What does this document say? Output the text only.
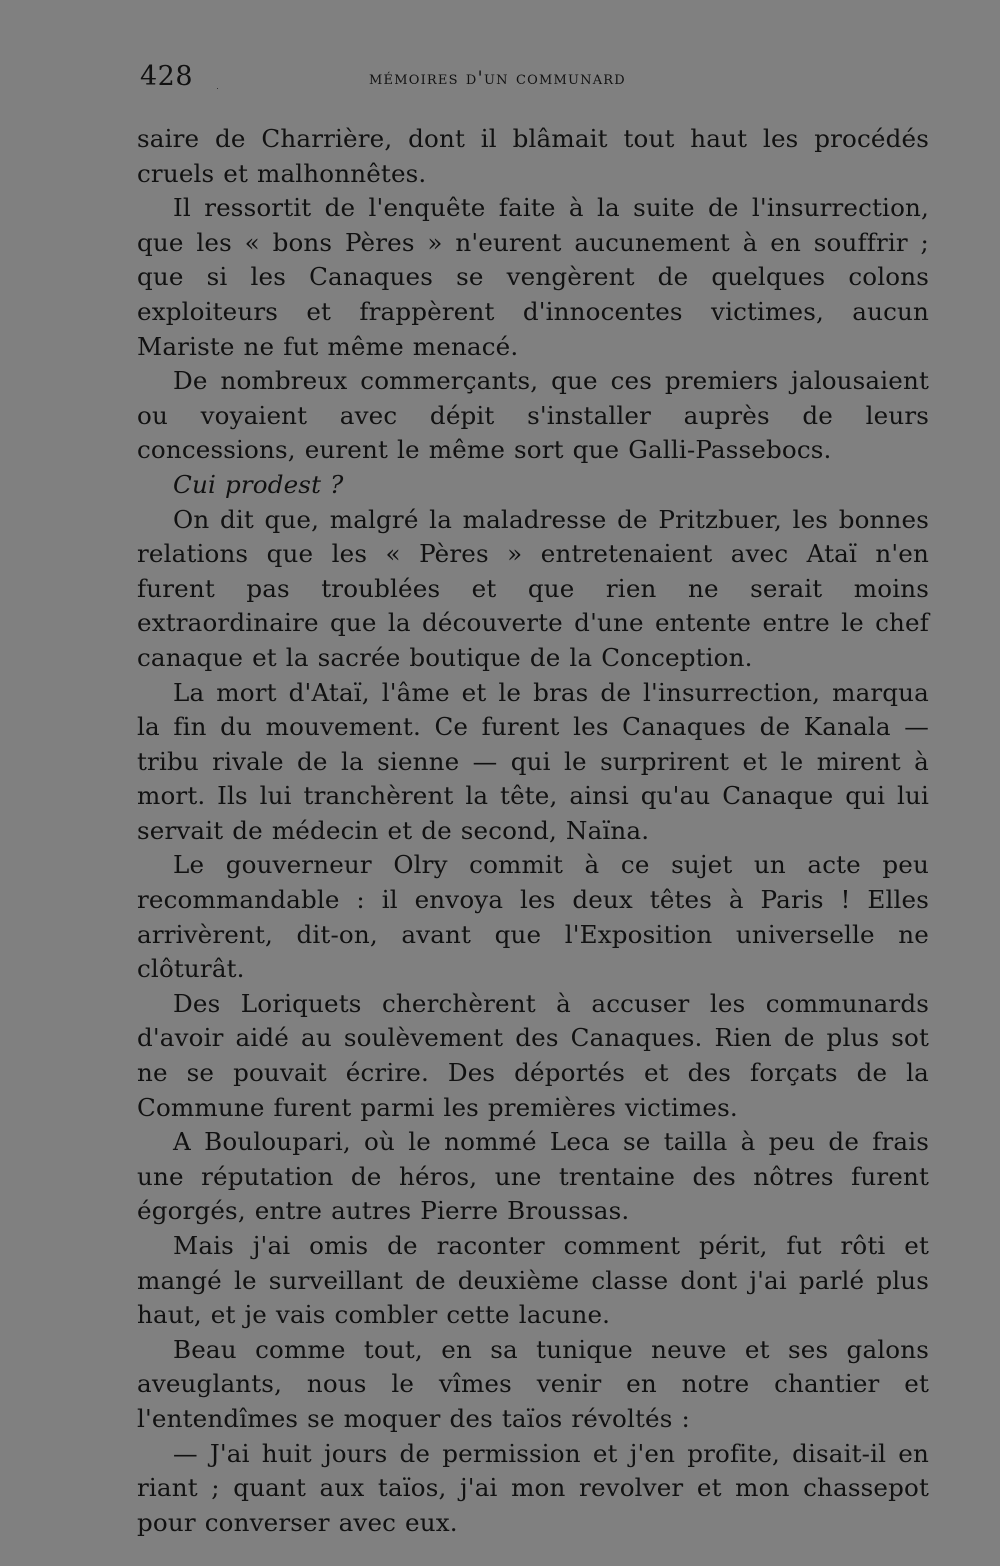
428	mémoires d'un communard

saire de Charrière, dont il blâmait tout haut les procédés cruels et malhonnêtes.

Il ressortit de l'enquête faite à la suite de l'insurrection, que les « bons Pères » n'eurent aucunement à en souffrir ; que si les Canaques se vengèrent de quelques colons exploiteurs et frappèrent d'innocentes victimes, aucun Mariste ne fut même menacé.

De nombreux commerçants, que ces premiers jalousaient ou voyaient avec dépit s'installer auprès de leurs concessions, eurent le même sort que Galli-Passebocs.

Cui prodest ?

On dit que, malgré la maladresse de Pritzbuer, les bonnes relations que les « Pères » entretenaient avec Ataï n'en furent pas troublées et que rien ne serait moins extraordinaire que la découverte d'une entente entre le chef canaque et la sacrée boutique de la Conception.

La mort d'Ataï, l'âme et le bras de l'insurrection, marqua la fin du mouvement. Ce furent les Canaques de Kanala — tribu rivale de la sienne — qui le surprirent et le mirent à mort. Ils lui tranchèrent la tête, ainsi qu'au Canaque qui lui servait de médecin et de second, Naïna.

Le gouverneur Olry commit à ce sujet un acte peu recommandable : il envoya les deux têtes à Paris ! Elles arrivèrent, dit-on, avant que l'Exposition universelle ne clôturât.

Des Loriquets cherchèrent à accuser les communards d'avoir aidé au soulèvement des Canaques. Rien de plus sot ne se pouvait écrire. Des déportés et des forçats de la Commune furent parmi les premières victimes.

A Bouloupari, où le nommé Leca se tailla à peu de frais une réputation de héros, une trentaine des nôtres furent égorgés, entre autres Pierre Broussas.

Mais j'ai omis de raconter comment périt, fut rôti et mangé le surveillant de deuxième classe dont j'ai parlé plus haut, et je vais combler cette lacune.

Beau comme tout, en sa tunique neuve et ses galons aveuglants, nous le vîmes venir en notre chantier et l'entendîmes se moquer des taïos révoltés :

— J'ai huit jours de permission et j'en profite, disait-il en riant ; quant aux taïos, j'ai mon revolver et mon chassepot pour converser avec eux.
